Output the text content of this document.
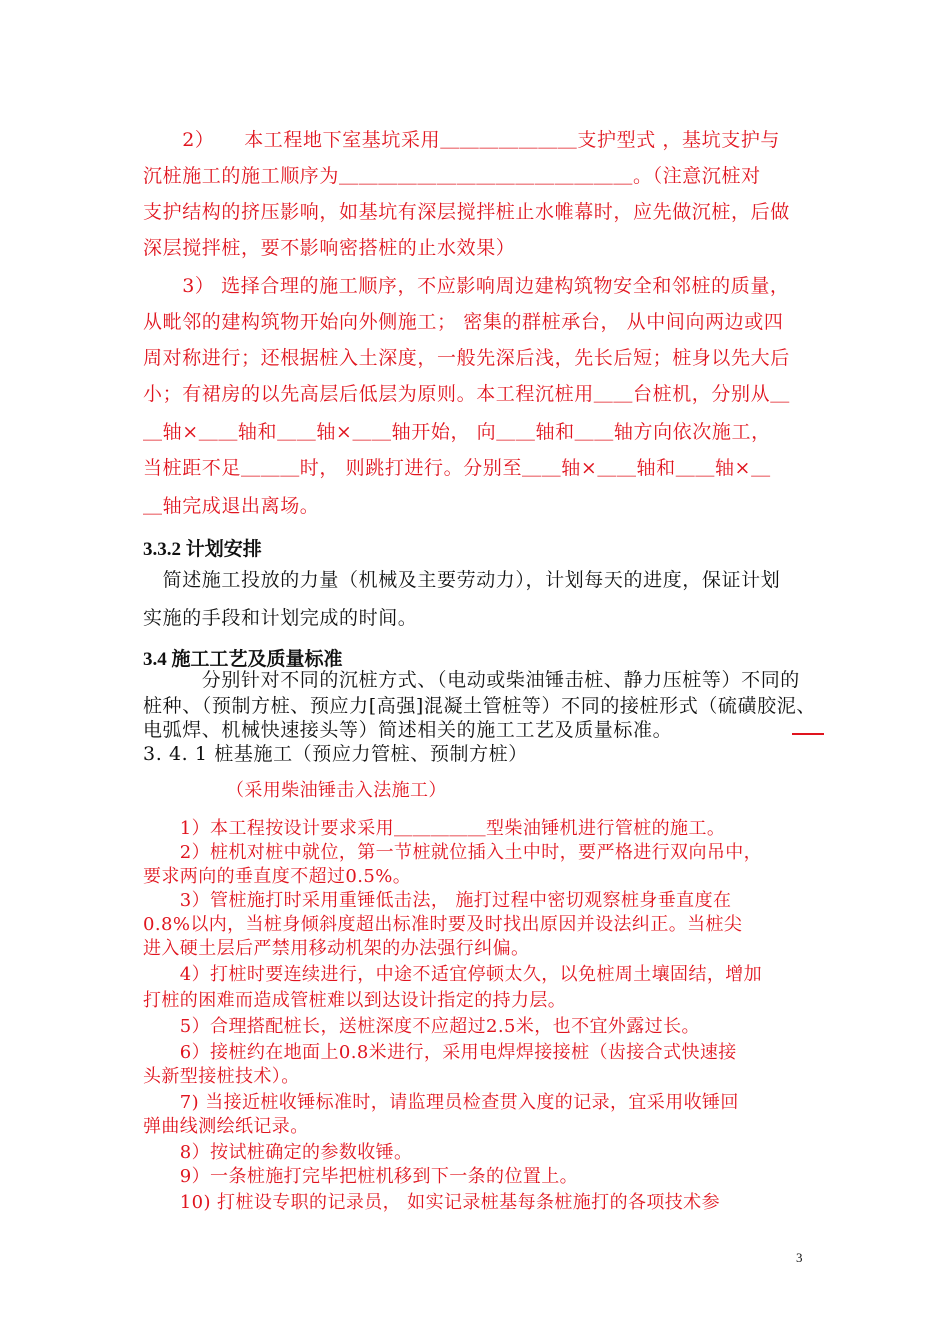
　　2）　　本工程地下室基坑采用＿＿＿＿＿＿＿支护型式 ，基坑支护与
沉桩施工的施工顺序为＿＿＿＿＿＿＿＿＿＿＿＿＿＿＿。（注意沉桩对
支护结构的挤压影响，如基坑有深层搅拌桩止水帷幕时，应先做沉桩，后做
深层搅拌桩，要不影响密搭桩的止水效果）
　　3） 选择合理的施工顺序，不应影响周边建构筑物安全和邻桩的质量，
从毗邻的建构筑物开始向外侧施工； 密集的群桩承台， 从中间向两边或四
周对称进行；还根据桩入土深度，一般先深后浅，先长后短；桩身以先大后
小；有裙房的以先高层后低层为原则。本工程沉桩用＿＿台桩机，分别从＿
＿轴×＿＿轴和＿＿轴×＿＿轴开始， 向＿＿轴和＿＿轴方向依次施工，
当桩距不足＿＿＿时， 则跳打进行。分别至＿＿轴×＿＿轴和＿＿轴×＿
＿轴完成退出离场。
3.3.2 计划安排
　简述施工投放的力量（机械及主要劳动力），计划每天的进度，保证计划
实施的手段和计划完成的时间。
3.4 施工工艺及质量标准
　　　分别针对不同的沉桩方式、（电动或柴油锤击桩、静力压桩等）不同的
桩种、（预制方桩、预应力[高强]混凝土管桩等）不同的接桩形式（硫磺胶泥、
电弧焊、机械快速接头等）简述相关的施工工艺及质量标准。
3. 4. 1 桩基施工（预应力管桩、预制方桩）
　　　　　（采用柴油锤击入法施工）
　　1）本工程按设计要求采用＿＿＿＿＿型柴油锤机进行管桩的施工。
　　2）桩机对桩中就位，第一节桩就位插入土中时，要严格进行双向吊中，
要求两向的垂直度不超过0.5%。
　　3）管桩施打时采用重锤低击法， 施打过程中密切观察桩身垂直度在
0.8%以内，当桩身倾斜度超出标准时要及时找出原因并设法纠正。当桩尖
进入硬土层后严禁用移动机架的办法强行纠偏。
　　4）打桩时要连续进行，中途不适宜停顿太久，以免桩周土壤固结，增加
打桩的困难而造成管桩难以到达设计指定的持力层。
　　5）合理搭配桩长，送桩深度不应超过2.5米，也不宜外露过长。
　　6）接桩约在地面上0.8米进行，采用电焊焊接接桩（齿接合式快速接
头新型接桩技术）。
　　7) 当接近桩收锤标准时，请监理员检查贯入度的记录，宜采用收锤回
弹曲线测绘纸记录。
　　8）按试桩确定的参数收锤。
　　9）一条桩施打完毕把桩机移到下一条的位置上。
　　10) 打桩设专职的记录员， 如实记录桩基每条桩施打的各项技术参
3
